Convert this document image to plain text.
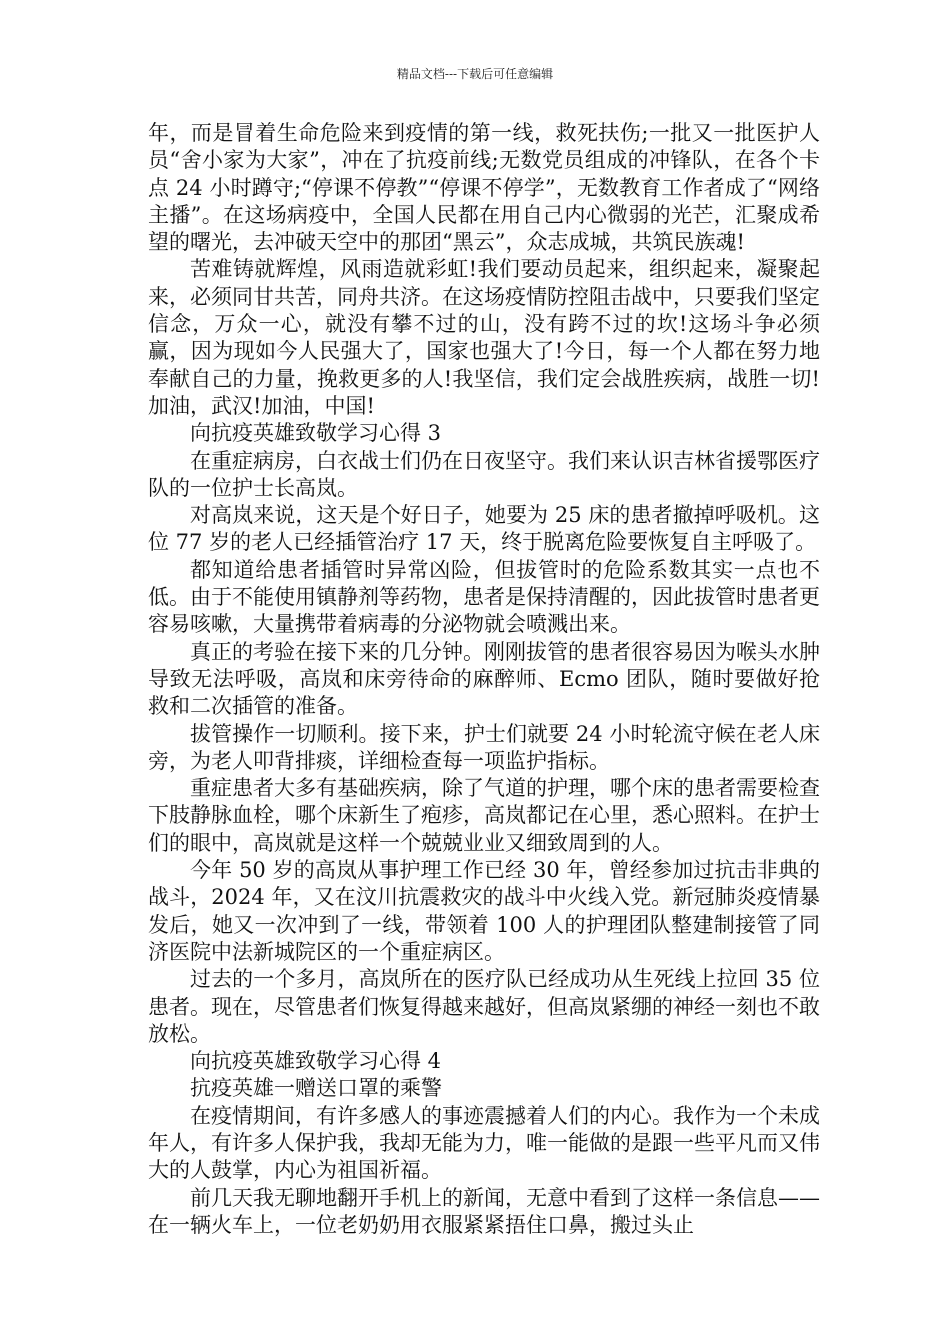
精品文档---下载后可任意编辑

年，而是冒着生命危险来到疫情的第一线，救死扶伤;一批又一批医护人员“舍小家为大家”，冲在了抗疫前线;无数党员组成的冲锋队，在各个卡点 24 小时蹲守;“停课不停教”“停课不停学”，无数教育工作者成了“网络主播”。在这场病疫中，全国人民都在用自己内心微弱的光芒，汇聚成希望的曙光，去冲破天空中的那团“黑云”，众志成城，共筑民族魂!

苦难铸就辉煌，风雨造就彩虹!我们要动员起来，组织起来，凝聚起来，必须同甘共苦，同舟共济。在这场疫情防控阻击战中，只要我们坚定信念，万众一心，就没有攀不过的山，没有跨不过的坎!这场斗争必须赢，因为现如今人民强大了，国家也强大了!今日，每一个人都在努力地奉献自己的力量，挽救更多的人!我坚信，我们定会战胜疾病，战胜一切!加油，武汉!加油，中国!

向抗疫英雄致敬学习心得 3

在重症病房，白衣战士们仍在日夜坚守。我们来认识吉林省援鄂医疗队的一位护士长高岚。

对高岚来说，这天是个好日子，她要为 25 床的患者撤掉呼吸机。这位 77 岁的老人已经插管治疗 17 天，终于脱离危险要恢复自主呼吸了。

都知道给患者插管时异常凶险，但拔管时的危险系数其实一点也不低。由于不能使用镇静剂等药物，患者是保持清醒的，因此拔管时患者更容易咳嗽，大量携带着病毒的分泌物就会喷溅出来。

真正的考验在接下来的几分钟。刚刚拔管的患者很容易因为喉头水肿导致无法呼吸，高岚和床旁待命的麻醉师、Ecmo 团队，随时要做好抢救和二次插管的准备。

拔管操作一切顺利。接下来，护士们就要 24 小时轮流守候在老人床旁，为老人叩背排痰，详细检查每一项监护指标。

重症患者大多有基础疾病，除了气道的护理，哪个床的患者需要检查下肢静脉血栓，哪个床新生了疱疹，高岚都记在心里，悉心照料。在护士们的眼中，高岚就是这样一个兢兢业业又细致周到的人。

今年 50 岁的高岚从事护理工作已经 30 年，曾经参加过抗击非典的战斗，2024 年，又在汶川抗震救灾的战斗中火线入党。新冠肺炎疫情暴发后，她又一次冲到了一线，带领着 100 人的护理团队整建制接管了同济医院中法新城院区的一个重症病区。

过去的一个多月，高岚所在的医疗队已经成功从生死线上拉回 35 位患者。现在，尽管患者们恢复得越来越好，但高岚紧绷的神经一刻也不敢放松。

向抗疫英雄致敬学习心得 4

抗疫英雄一赠送口罩的乘警

在疫情期间，有许多感人的事迹震撼着人们的内心。我作为一个未成年人，有许多人保护我，我却无能为力，唯一能做的是跟一些平凡而又伟大的人鼓掌，内心为祖国祈福。

前几天我无聊地翻开手机上的新闻，无意中看到了这样一条信息——在一辆火车上，一位老奶奶用衣服紧紧捂住口鼻，搬过头止
